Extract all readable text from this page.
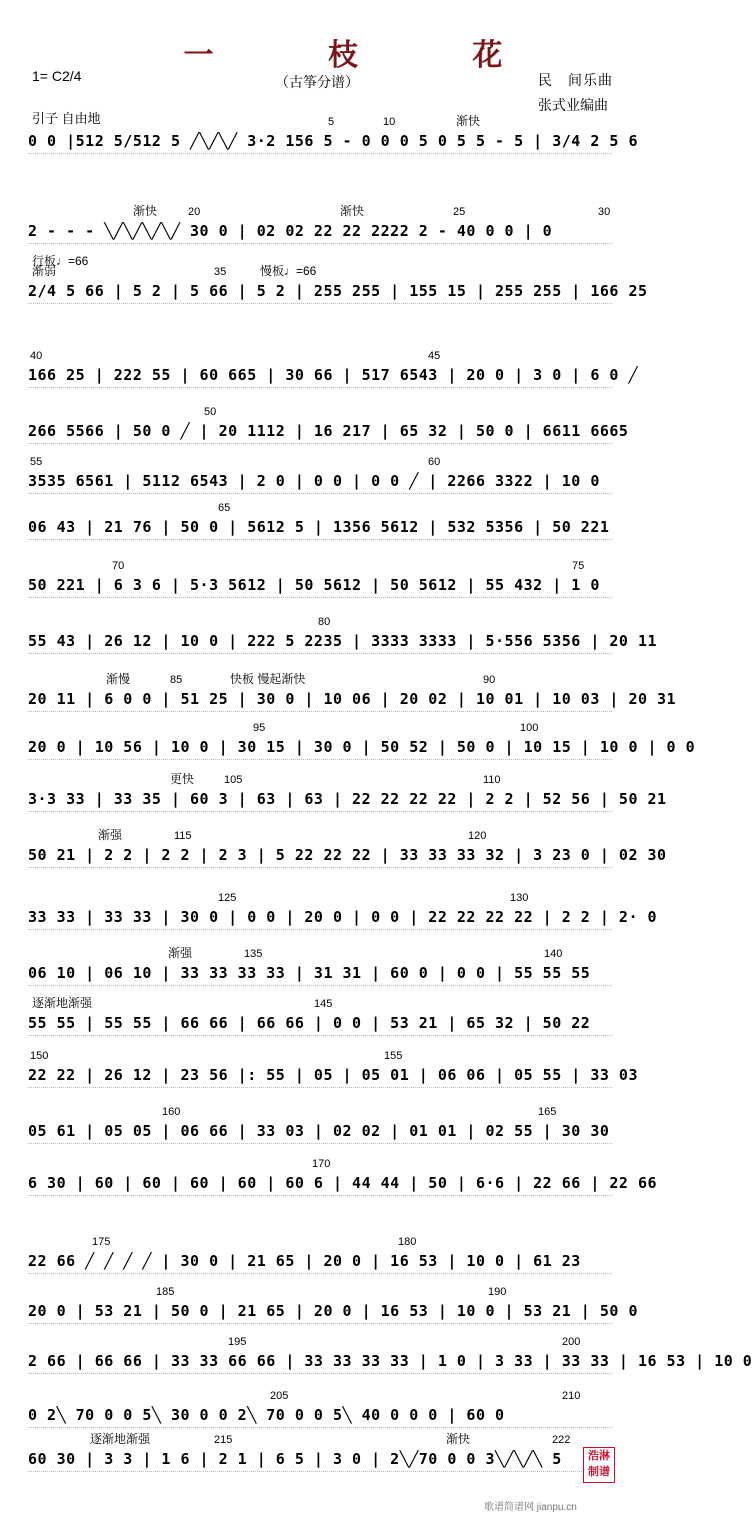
一 枝 花
（古筝分谱）
1= C2/4	民　间乐曲
张式业编曲
引子 自由地	5	10	渐快
0 0 |512 5/512 5 ╱╲╱╲╱ 3·2 156 5 - 0 0 0 5 0 5 5 - 5 | 3/4 2 5 6
渐快	20	渐快	25	30
行板♩=66
2 - - - ╲╱╲╱╲╱╲╱ 30 0 | 02 02 22 22 2222 2 - 40 0 0 | 0
渐弱	35	慢板♩=66
2/4 5 66 | 5 2 | 5 66 | 5 2 | 255 255 | 155 15 | 255 255 | 166 25
40	45
166 25 | 222 55 | 60 665 | 30 66 | 517 6543 | 20 0 | 3 0 | 6 0 ╱
50
266 5566 | 50 0 ╱ | 20 1112 | 16 217 | 65 32 | 50 0 | 6611 6665
55	60
3535 6561 | 5112 6543 | 2 0 | 0 0 | 0 0 ╱ | 2266 3322 | 10 0
65
06 43 | 21 76 | 50 0 | 5612 5 | 1356 5612 | 532 5356 | 50 221
70	75
50 221 | 6 3 6 | 5·3 5612 | 50 5612 | 50 5612 | 55 432 | 1 0
80
55 43 | 26 12 | 10 0 | 222 5 2235 | 3333 3333 | 5·556 5356 | 20 11
渐慢	85	快板 慢起渐快	90
20 11 | 6 0 0 | 51 25 | 30 0 | 10 06 | 20 02 | 10 01 | 10 03 | 20 31
95	100
20 0 | 10 56 | 10 0 | 30 15 | 30 0 | 50 52 | 50 0 | 10 15 | 10 0 | 0 0
更快	105	110
3·3 33 | 33 35 | 60 3 | 63 | 63 | 22 22 22 22 | 2 2 | 52 56 | 50 21
渐强	115	120
50 21 | 2 2 | 2 2 | 2 3 | 5 22 22 22 | 33 33 33 32 | 3 23 0 | 02 30
125	130
33 33 | 33 33 | 30 0 | 0 0 | 20 0 | 0 0 | 22 22 22 22 | 2 2 | 2· 0
渐强	135	140
06 10 | 06 10 | 33 33 33 33 | 31 31 | 60 0 | 0 0 | 55 55 55
逐渐地渐强	145
55 55 | 55 55 | 66 66 | 66 66 | 0 0 | 53 21 | 65 32 | 50 22
150	155
22 22 | 26 12 | 23 56 |: 55 | 05 | 05 01 | 06 06 | 05 55 | 33 03
160	165
05 61 | 05 05 | 06 66 | 33 03 | 02 02 | 01 01 | 02 55 | 30 30
170
6 30 | 60 | 60 | 60 | 60 | 60 6 | 44 44 | 50 | 6·6 | 22 66 | 22 66
175	180
22 66 ╱ ╱ ╱ ╱ | 30 0 | 21 65 | 20 0 | 16 53 | 10 0 | 61 23
185	190
20 0 | 53 21 | 50 0 | 21 65 | 20 0 | 16 53 | 10 0 | 53 21 | 50 0
195	200
2 66 | 66 66 | 33 33 66 66 | 33 33 33 33 | 1 0 | 3 33 | 33 33 | 16 53 | 10 0
205	210
0 2╲ 70 0 0 5╲ 30 0 0 2╲ 70 0 0 5╲ 40 0 0 0 | 60 0
逐渐地渐强	215	渐快	222
60 30 | 3 3 | 1 6 | 2 1 | 6 5 | 3 0 | 2╲╱70 0 0 3╲╱╲╱╲ 5	浩淋制谱
歌谱简谱网 jianpu.cn
